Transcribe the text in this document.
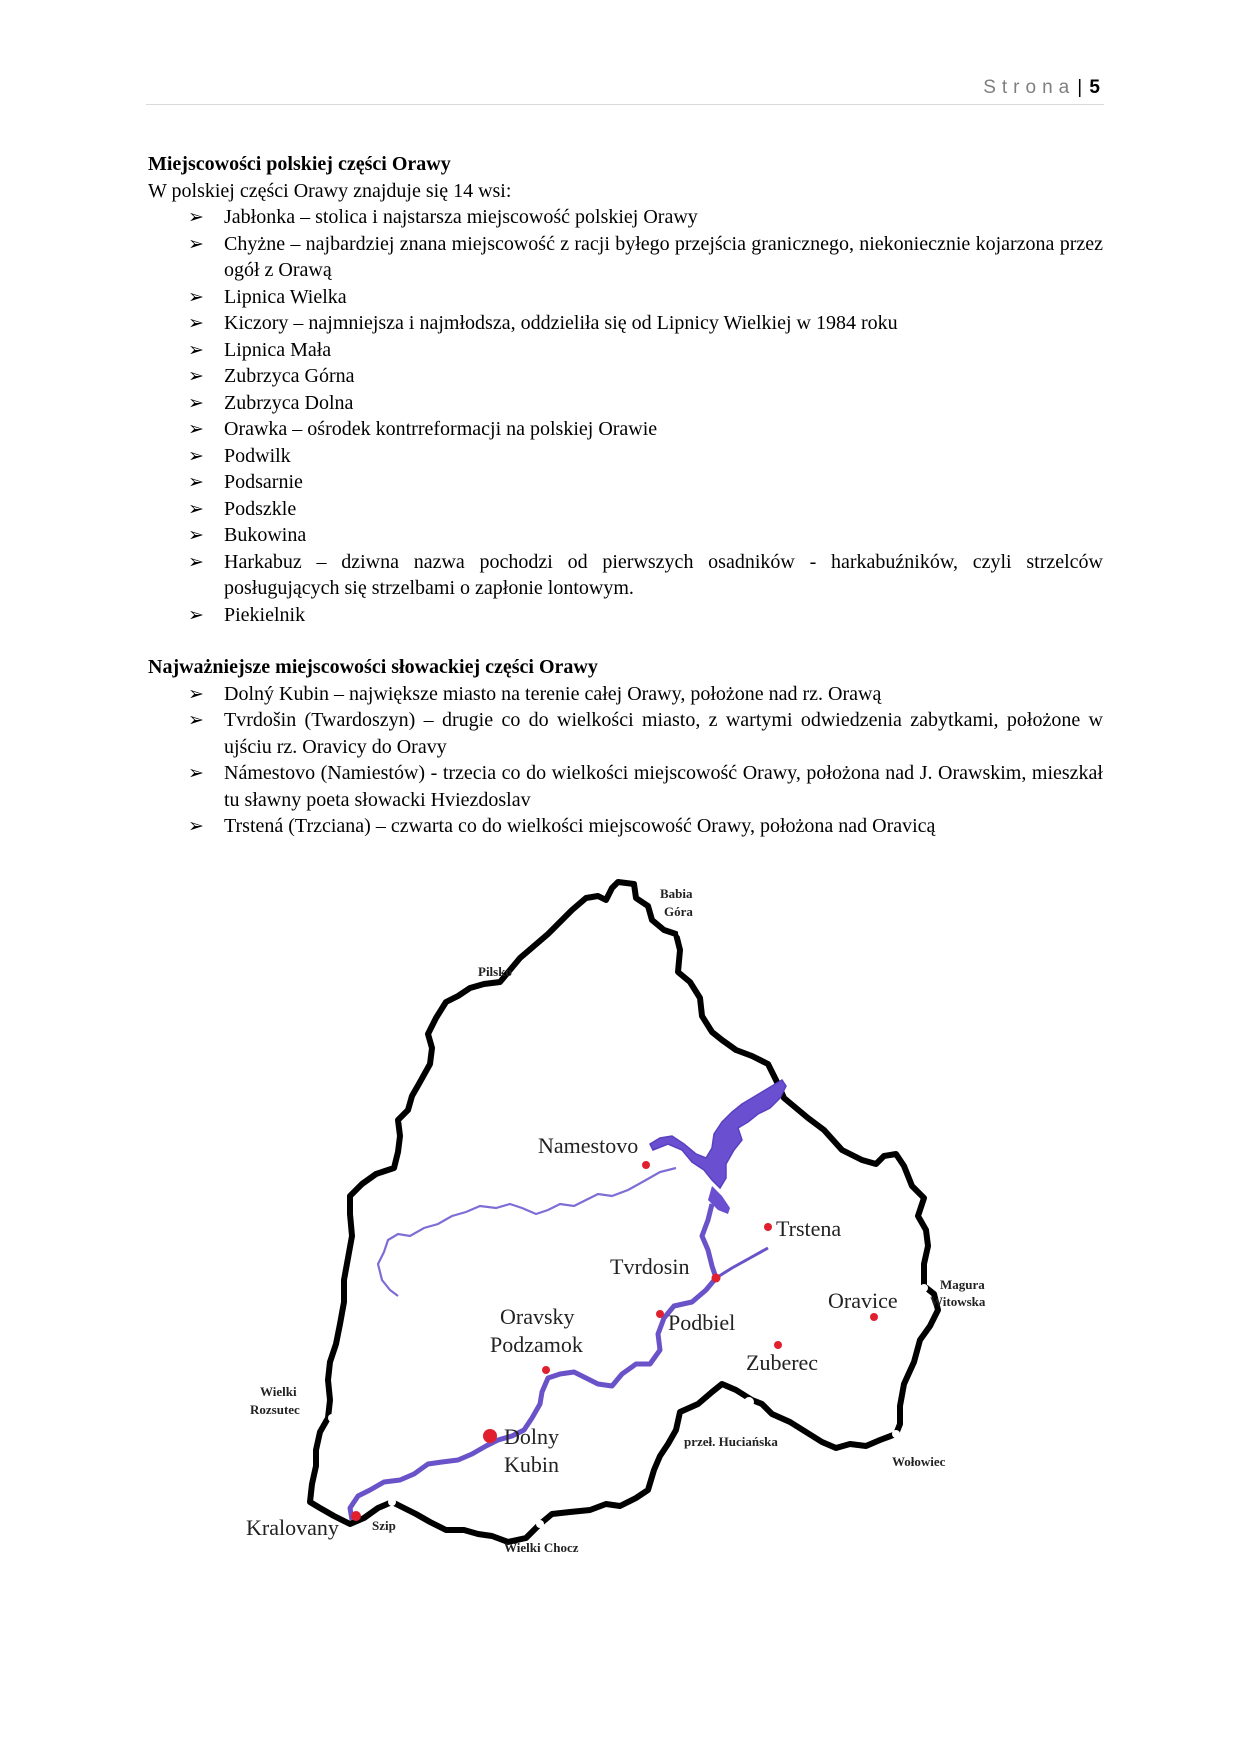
Strona | 5
Miejscowości polskiej części Orawy

W polskiej części Orawy znajduje się 14 wsi:

➢ Jabłonka – stolica i najstarsza miejscowość polskiej Orawy
➢ Chyżne – najbardziej znana miejscowość z racji byłego przejścia granicznego, niekoniecznie kojarzona przez ogół z Orawą
➢ Lipnica Wielka
➢ Kiczory – najmniejsza i najmłodsza, oddzieliła się od Lipnicy Wielkiej w 1984 roku
➢ Lipnica Mała
➢ Zubrzyca Górna
➢ Zubrzyca Dolna
➢ Orawka – ośrodek kontrreformacji na polskiej Orawie
➢ Podwilk
➢ Podsarnie
➢ Podszkle
➢ Bukowina
➢ Harkabuz – dziwna nazwa pochodzi od pierwszych osadników - harkabuźników, czyli strzelców posługujących się strzelbami o zapłonie lontowym.
➢ Piekielnik
Najważniejsze miejscowości słowackiej części Orawy
➢ Dolný Kubin – największe miasto na terenie całej Orawy, położone nad rz. Orawą
➢ Tvrdošin (Twardoszyn) – drugie co do wielkości miasto, z wartymi odwiedzenia zabytkami, położone w ujściu rz. Oravicy do Oravy
➢ Námestovo (Namiestów) - trzecia co do wielkości miejscowość Orawy, położona nad J. Orawskim, mieszkał tu sławny poeta słowacki Hviezdoslav
➢ Trstená (Trzciana) – czwarta co do wielkości miejscowość Orawy, położona nad Oravicą
Namestovo
Trstena
Tvrdosin
Oravice
Oravsky
Podzamok
Podbiel
Zuberec
Dolny
Kubin
Kralovany
Babia
Góra
Pilsko
Magura
Witowska
Wielki
Rozsutec
przeł. Huciańska
Wołowiec
Szip
Wielki Chocz
